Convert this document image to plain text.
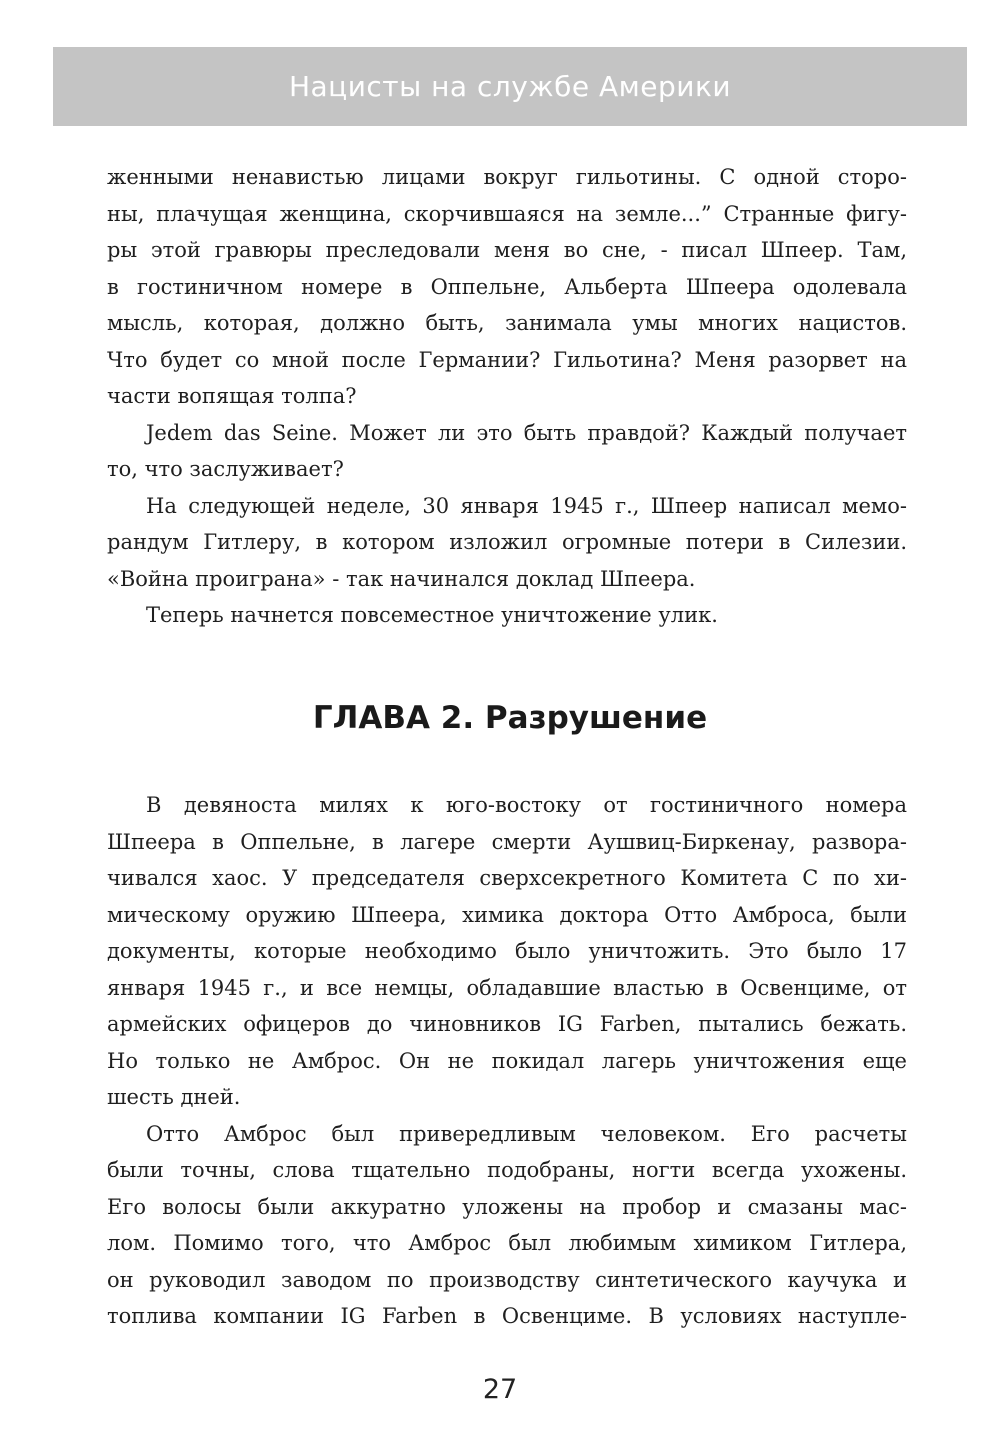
Нацисты на службе Америки

женными ненавистью лицами вокруг гильотины. С одной сторо-
ны, плачущая женщина, скорчившаяся на земле...” Странные фигу-
ры этой гравюры преследовали меня во сне, - писал Шпеер. Там,
в гостиничном номере в Оппельне, Альберта Шпеера одолевала
мысль, которая, должно быть, занимала умы многих нацистов.
Что будет со мной после Германии? Гильотина? Меня разорвет на
части вопящая толпа?

Jedem das Seine. Может ли это быть правдой? Каждый получает
то, что заслуживает?

На следующей неделе, 30 января 1945 г., Шпеер написал мемо-
рандум Гитлеру, в котором изложил огромные потери в Силезии.
«Война проиграна» - так начинался доклад Шпеера.

Теперь начнется повсеместное уничтожение улик.

ГЛАВА 2. Разрушение

В девяноста милях к юго-востоку от гостиничного номера
Шпеера в Оппельне, в лагере смерти Аушвиц-Биркенау, развора-
чивался хаос. У председателя сверхсекретного Комитета С по хи-
мическому оружию Шпеера, химика доктора Отто Амброса, были
документы, которые необходимо было уничтожить. Это было 17
января 1945 г., и все немцы, обладавшие властью в Освенциме, от
армейских офицеров до чиновников IG Farben, пытались бежать.
Но только не Амброс. Он не покидал лагерь уничтожения еще
шесть дней.

Отто Амброс был привередливым человеком. Его расчеты
были точны, слова тщательно подобраны, ногти всегда ухожены.
Его волосы были аккуратно уложены на пробор и смазаны мас-
лом. Помимо того, что Амброс был любимым химиком Гитлера,
он руководил заводом по производству синтетического каучука и
топлива компании IG Farben в Освенциме. В условиях наступле-

27
